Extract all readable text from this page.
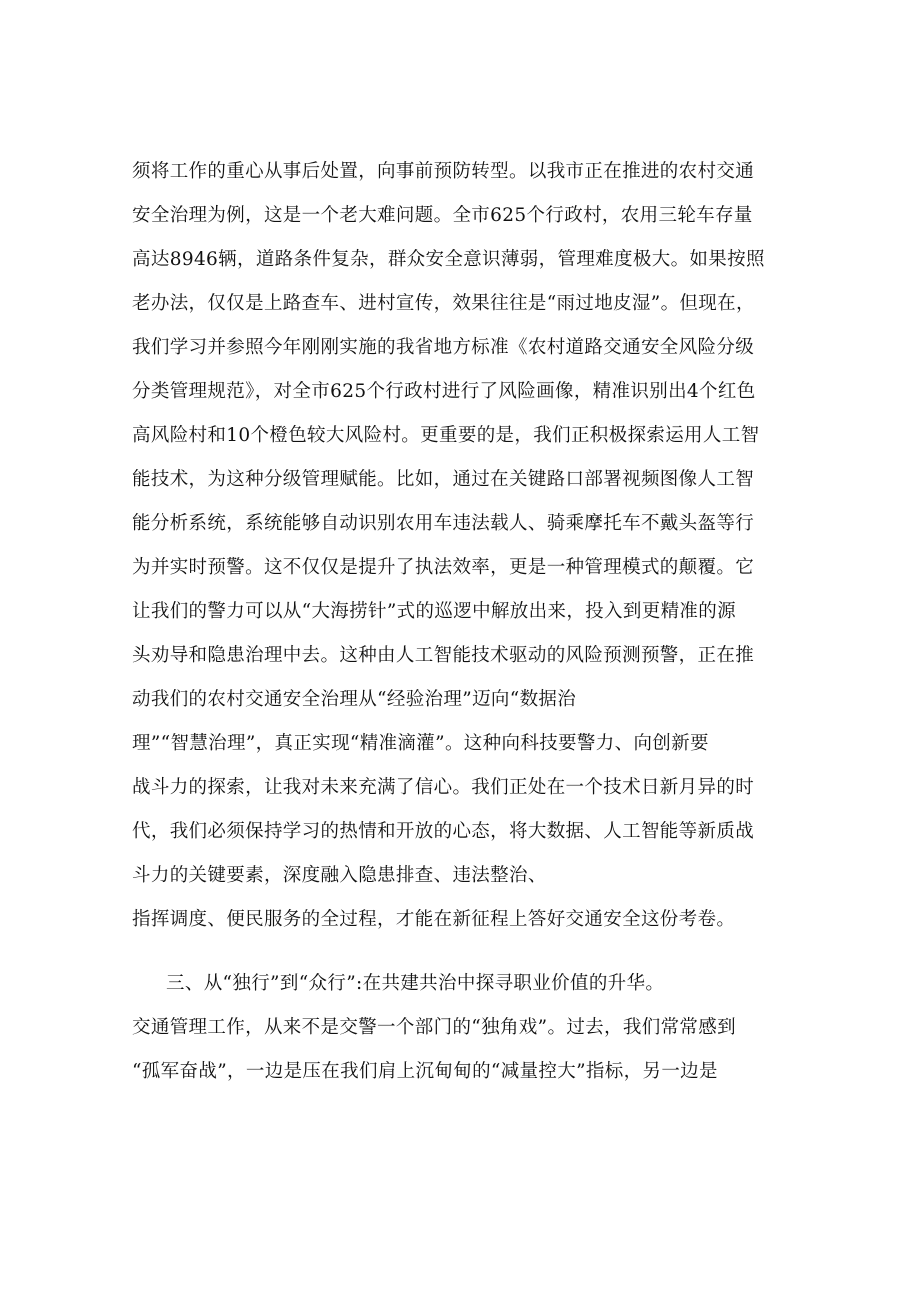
须将工作的重心从事后处置，向事前预防转型。以我市正在推进的农村交通
安全治理为例，这是一个老大难问题。全市625个行政村，农用三轮车存量
高达8946辆，道路条件复杂，群众安全意识薄弱，管理难度极大。如果按照
老办法，仅仅是上路查车、进村宣传，效果往往是“雨过地皮湿”。但现在，
我们学习并参照今年刚刚实施的我省地方标准《农村道路交通安全风险分级
分类管理规范》，对全市625个行政村进行了风险画像，精准识别出4个红色
高风险村和10个橙色较大风险村。更重要的是，我们正积极探索运用人工智
能技术，为这种分级管理赋能。比如，通过在关键路口部署视频图像人工智
能分析系统，系统能够自动识别农用车违法载人、骑乘摩托车不戴头盔等行
为并实时预警。这不仅仅是提升了执法效率，更是一种管理模式的颠覆。它
让我们的警力可以从“大海捞针”式的巡逻中解放出来，投入到更精准的源
头劝导和隐患治理中去。这种由人工智能技术驱动的风险预测预警，正在推
动我们的农村交通安全治理从“经验治理”迈向“数据治
理”“智慧治理”，真正实现“精准滴灌”。这种向科技要警力、向创新要
战斗力的探索，让我对未来充满了信心。我们正处在一个技术日新月异的时
代，我们必须保持学习的热情和开放的心态，将大数据、人工智能等新质战
斗力的关键要素，深度融入隐患排查、违法整治、
指挥调度、便民服务的全过程，才能在新征程上答好交通安全这份考卷。
三、从“独行”到“众行”:在共建共治中探寻职业价值的升华。
交通管理工作，从来不是交警一个部门的“独角戏”。过去，我们常常感到
“孤军奋战”，一边是压在我们肩上沉甸甸的“减量控大”指标，另一边是
